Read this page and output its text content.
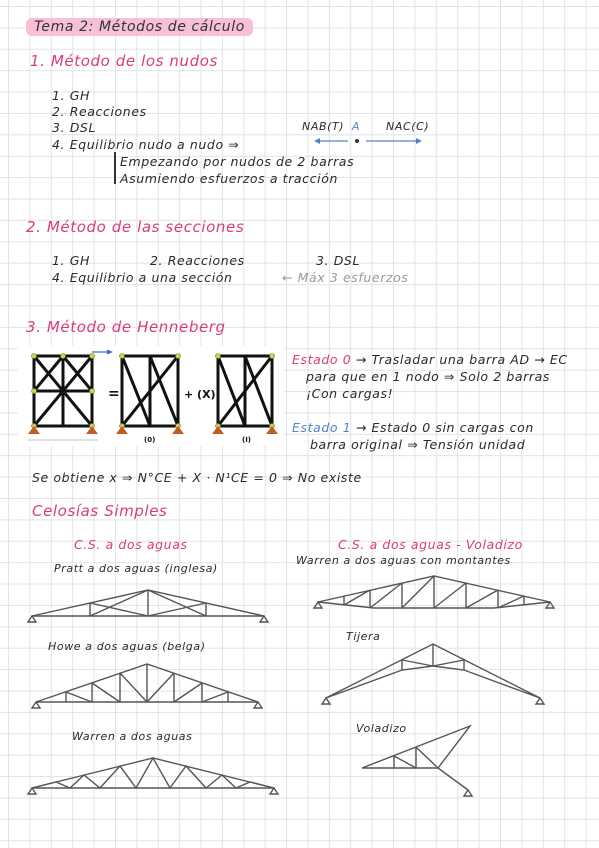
Tema 2: Métodos de cálculo
1. Método de los nudos
1. GH
2. Reacciones
3. DSL
4. Equilibrio nudo a nudo ⇒
Empezando por nudos de 2 barras
Asumiendo esfuerzos a tracción
NAB(T) A NAC(C)
2. Método de las secciones
1. GH	2. Reacciones	3. DSL
4. Equilibrio a una sección	← Máx 3 esfuerzos
3. Método de Henneberg
=
(0)
+ (X)
(I)
Estado 0 → Trasladar una barra AD → EC
para que en 1 nodo ⇒ Solo 2 barras
¡Con cargas!
Estado 1 → Estado 0 sin cargas con
barra original ⇒ Tensión unidad
Se obtiene x ⇒ N°CE + X · N¹CE = 0 ⇒ No existe
Celosías Simples
C.S. a dos aguas	C.S. a dos aguas - Voladizo
Pratt a dos aguas (inglesa)
Howe a dos aguas (belga)
Warren a dos aguas
Warren a dos aguas con montantes
Tijera
Voladizo
